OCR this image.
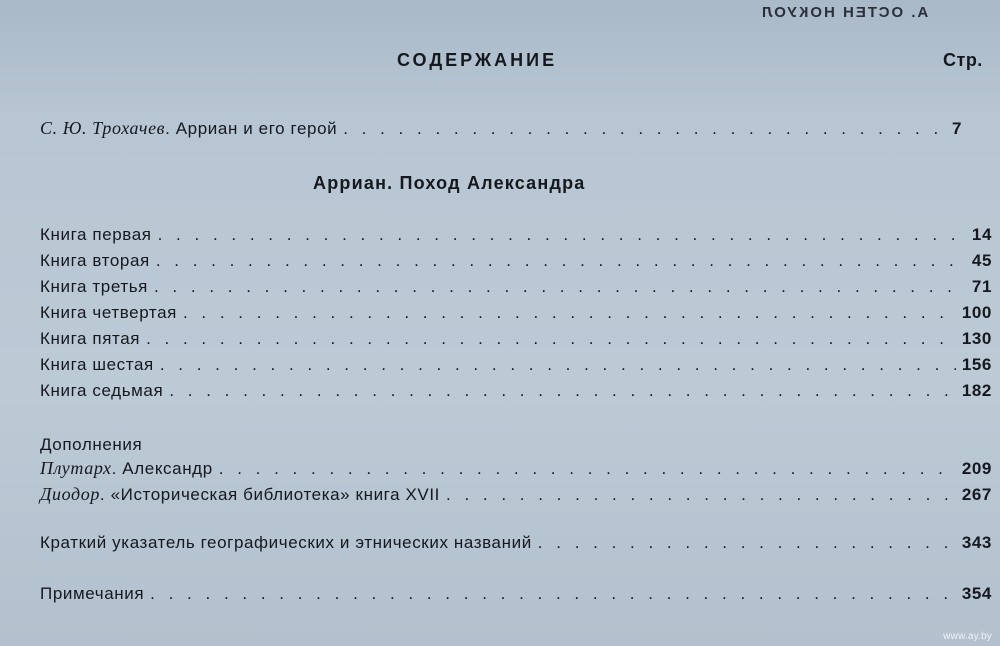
А. ОСТЕН НОКУОЛ
СОДЕРЖАНИЕ	Стр.
С. Ю. Трохачев . Арриан и его герой . . .	7
Арриан. Поход Александра
Книга первая . . .	14
Книга вторая . . .	45
Книга третья . . .	71
Книга четвертая . . .	100
Книга пятая . . .	130
Книга шестая . . .	156
Книга седьмая . . .	182
Дополнения
Плутарх . Александр . . .	209
Диодор . «Историческая библиотека» книга XVII . . .	267
Краткий указатель географических и этнических названий . . .	343
Примечания . . .	354
www.ay.by
